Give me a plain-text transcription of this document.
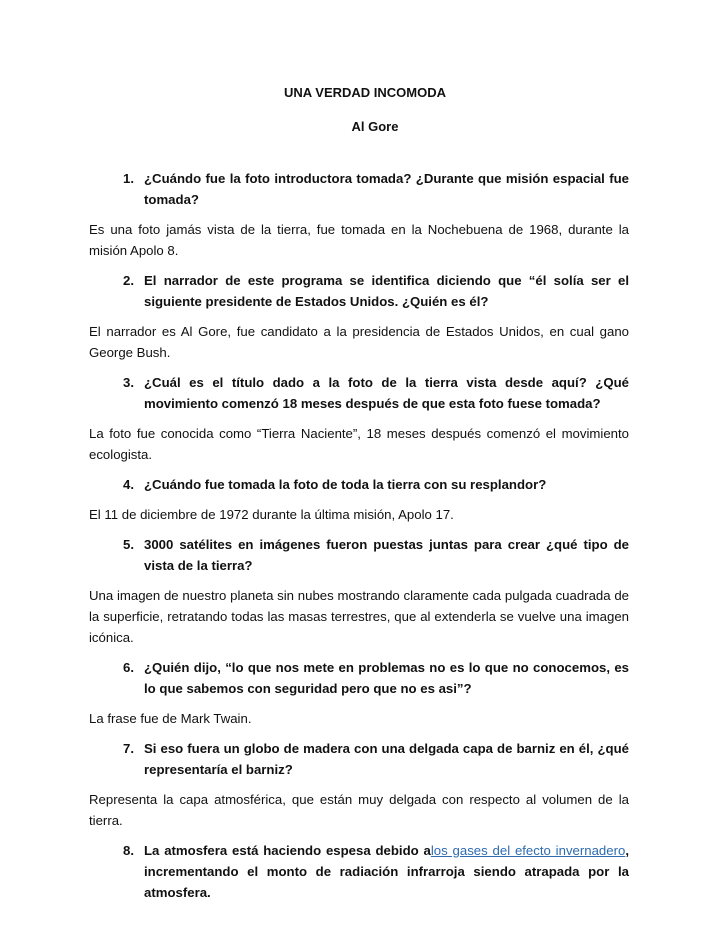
UNA VERDAD INCOMODA
Al Gore
1. ¿Cuándo fue la foto introductora tomada? ¿Durante que misión espacial fue tomada?
Es una foto jamás vista de la tierra, fue tomada en la Nochebuena de 1968, durante la misión Apolo 8.
2. El narrador de este programa se identifica diciendo que “él solía ser el siguiente presidente de Estados Unidos. ¿Quién es él?
El narrador es Al Gore, fue candidato a la presidencia de Estados Unidos, en cual gano George Bush.
3. ¿Cuál es el título dado a la foto de la tierra vista desde aquí? ¿Qué movimiento comenzó 18 meses después de que esta foto fuese tomada?
La foto fue conocida como “Tierra Naciente”, 18 meses después comenzó el movimiento ecologista.
4. ¿Cuándo fue tomada la foto de toda la tierra con su resplandor?
El 11 de diciembre de 1972 durante la última misión, Apolo 17.
5. 3000 satélites en imágenes fueron puestas juntas para crear ¿qué tipo de vista de la tierra?
Una imagen de nuestro planeta sin nubes mostrando claramente cada pulgada cuadrada de la superficie, retratando todas las masas terrestres, que al extenderla se vuelve una imagen icónica.
6. ¿Quién dijo, “lo que nos mete en problemas no es lo que no conocemos, es lo que sabemos con seguridad pero que no es asi”?
La frase fue de Mark Twain.
7. Si eso fuera un globo de madera con una delgada capa de barniz en él, ¿qué representaría el barniz?
Representa la capa atmosférica, que están muy delgada con respecto al volumen de la tierra.
8. La atmosfera está haciendo espesa debido alos gases del efecto invernadero, incrementando el monto de radiación infrarroja siendo atrapada por la atmosfera.
